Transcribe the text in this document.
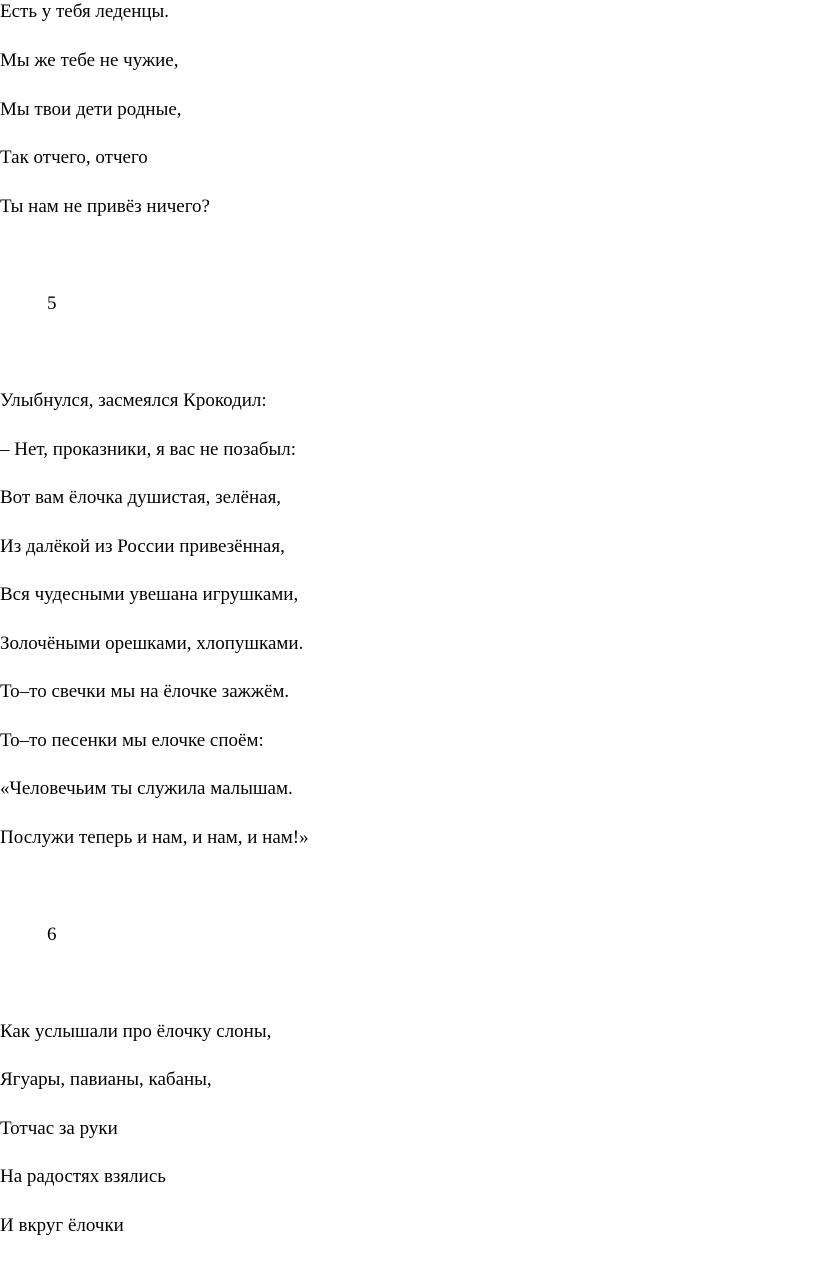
Есть у тебя леденцы.
Мы же тебе не чужие,
Мы твои дети родные,
Так отчего, отчего
Ты нам не привёз ничего?
5
Улыбнулся, засмеялся Крокодил:
– Нет, проказники, я вас не позабыл:
Вот вам ёлочка душистая, зелёная,
Из далёкой из России привезённая,
Вся чудесными увешана игрушками,
Золочёными орешками, хлопушками.
То–то свечки мы на ёлочке зажжём.
То–то песенки мы елочке споём:
«Человечьим ты служила малышам.
Послужи теперь и нам, и нам, и нам!»
6
Как услышали про ёлочку слоны,
Ягуары, павианы, кабаны,
Тотчас за руки
На радостях взялись
И вкруг ёлочки
